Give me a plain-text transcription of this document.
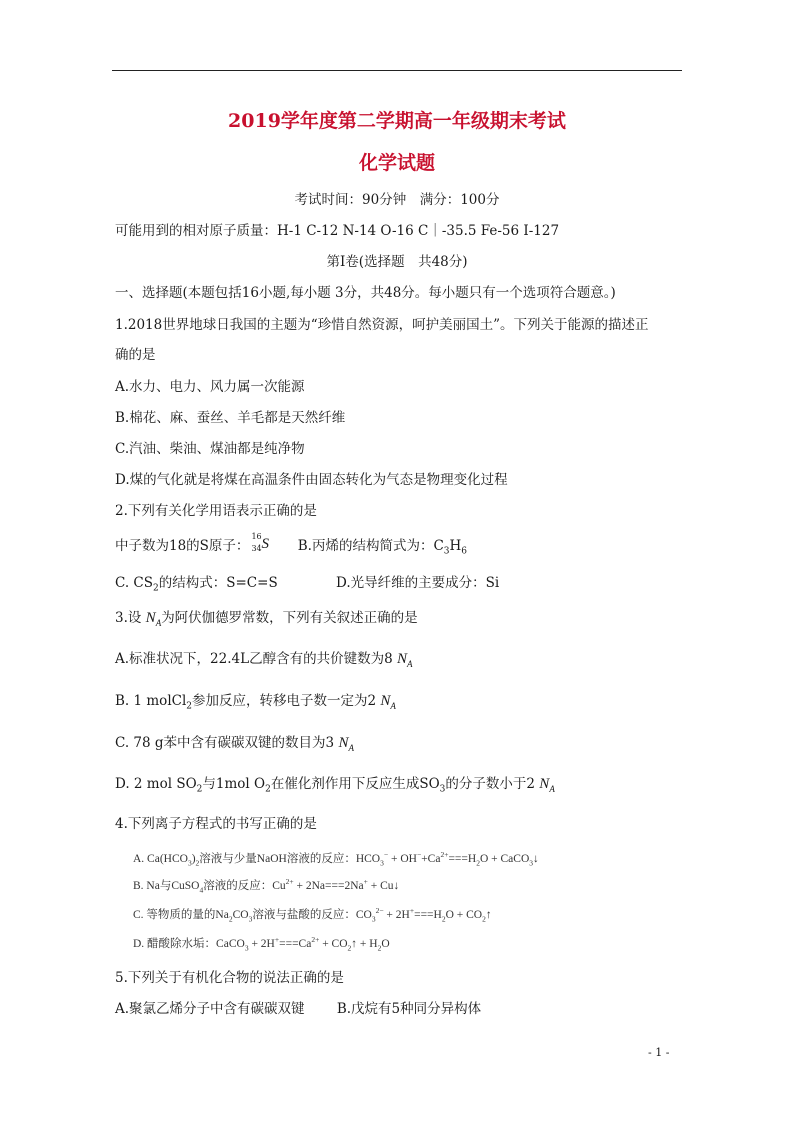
2019学年度第二学期高一年级期末考试
化学试题
考试时间：90分钟　满分：100分
可能用到的相对原子质量：H-1 C-12 N-14 O-16 C｜-35.5 Fe-56 I-127
第Ⅰ卷(选择题　共48分)
一、选择题(本题包括16小题,每小题 3分，共48分。每小题只有一个选项符合题意。)
1.2018世界地球日我国的主题为“珍惜自然资源，呵护美丽国土”。下列关于能源的描述正
确的是
A.水力、电力、风力属一次能源
B.棉花、麻、蚕丝、羊毛都是天然纤维
C.汽油、柴油、煤油都是纯净物
D.煤的气化就是将煤在高温条件由固态转化为气态是物理变化过程
2.下列有关化学用语表示正确的是
中子数为18的S原子：
16
34 S B.丙烯的结构简式为：$C_3H_6$
C. $CS_2$的结构式：S=C=S	D.光导纤维的主要成分：Si
3.设 $N_A$为阿伏伽德罗常数，下列有关叙述正确的是
A.标准状况下，22.4L乙醇含有的共价键数为8 $N_A$
B. 1 molCl$_2$参加反应，转移电子数一定为2 $N_A$
C. 78 g苯中含有碳碳双键的数目为3 $N_A$
D. 2 mol $SO_2$与1mol $O_2$在催化剂作用下反应生成$SO_3$的分子数小于2 $N_A$
4.下列离子方程式的书写正确的是
A. $Ca(HCO_3)_2$溶液与少量NaOH溶液的反应：$HCO_3^- + OH^-+Ca^{2+}===H_2O$ + CaCO$_3$↓
B. Na与CuSO$_4$溶液的反应：$Cu^{2+} + 2Na===2Na^+$ + Cu↓
C. 等物质的量的$Na_2CO_3$溶液与盐酸的反应：$CO_3^{2-} + 2H^+===H_2O$ + $CO_2↑$
D. 醋酸除水垢：CaCO$_3$ + $2H^+===Ca^{2+}$ + $CO_2↑ + H_2O$
5.下列关于有机化合物的说法正确的是
A.聚氯乙烯分子中含有碳碳双键 B.戊烷有5种同分异构体
- 1 -
